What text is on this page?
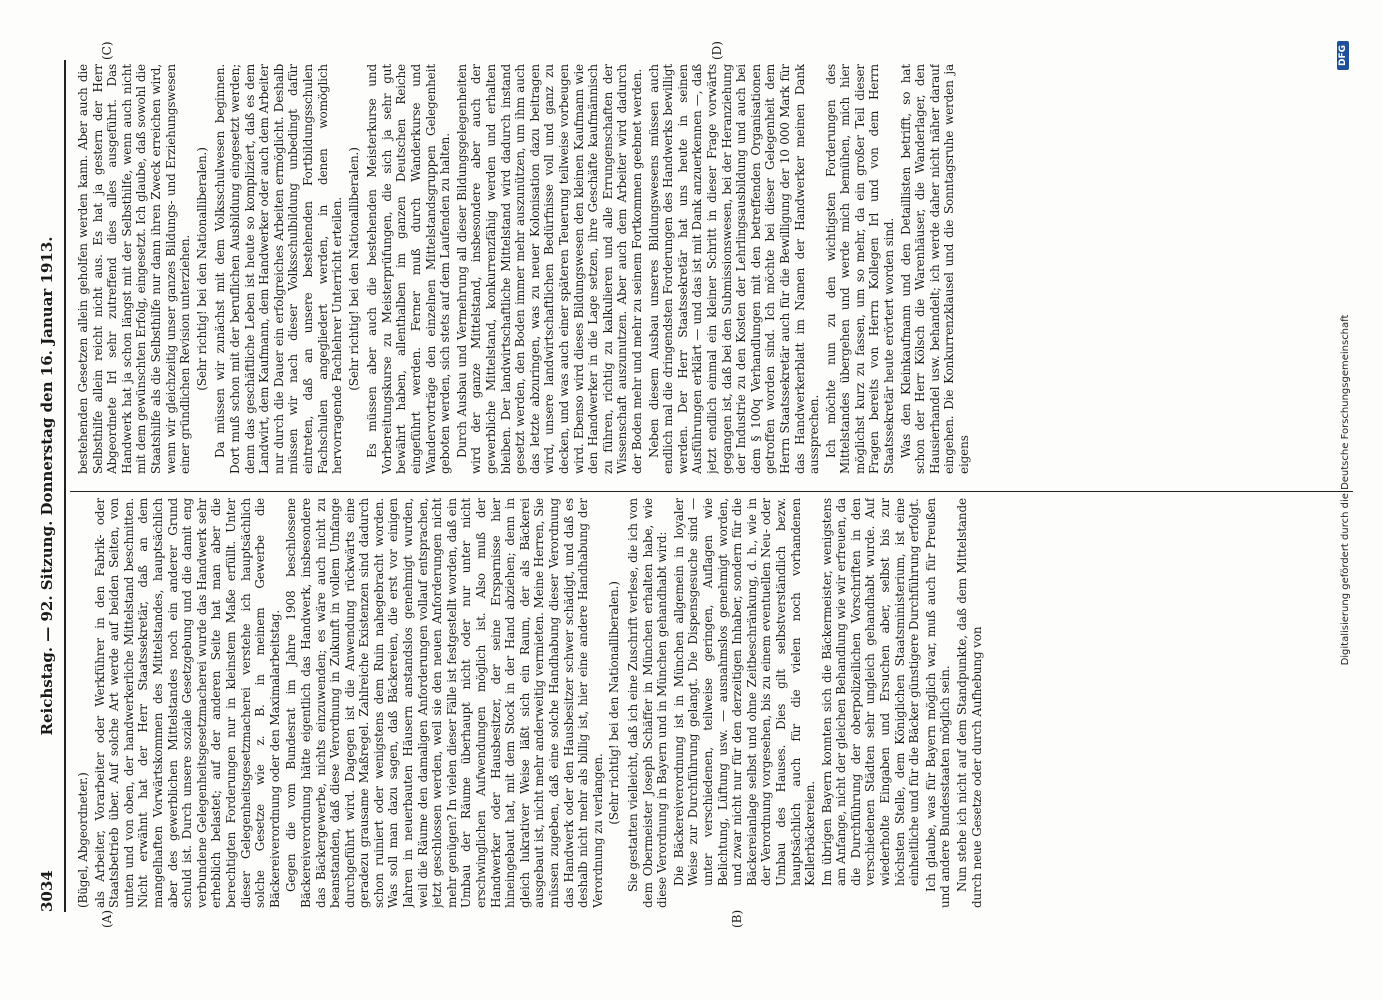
3034
Reichstag. — 92. Sitzung. Donnerstag den 16. Januar 1913.
(A)	(B)
(C)	(D)

(Bügel, Abgeordneter.) als Arbeiter, Vorarbeiter oder Werkführer in den Fabrik- oder Staatsbetrieb über. Auf solche Art werde auf beiden Seiten, von unten und von oben, der handwerkerliche Mittelstand beschnitten. Nicht erwähnt hat der Herr Staatssekretär, daß an dem mangelhaften Vorwärtskommen des Mittelstandes, hauptsächlich aber des gewerblichen Mittelstandes noch ein anderer Grund schuld ist. Durch unsere soziale Gesetzgebung und die damit eng verbundene Gelegenheitsgesetzmacherei wurde das Handwerk sehr erheblich belastet; auf der anderen Seite hat man aber die berechtigten Forderungen nur in kleinstem Maße erfüllt. Unter dieser Gelegenheitsgesetzmacherei verstehe ich hauptsächlich solche Gesetze wie z. B. in meinem Gewerbe die Bäckereiverordnung oder den Maximalarbeitstag. Gegen die vom Bundesrat im Jahre 1908 beschlossene Bäckereiverordnung hätte eigentlich das Handwerk, insbesondere das Bäckergewerbe, nichts einzuwenden; es wäre auch nicht zu beanstanden, daß diese Verordnung in Zukunft in vollem Umfange durchgeführt wird. Dagegen ist die Anwendung rückwärts eine geradezu grausame Maßregel. Zahlreiche Existenzen sind dadurch schon ruiniert oder wenigstens dem Ruin nahegebracht worden. Was soll man dazu sagen, daß Bäckereien, die erst vor einigen Jahren in neuerbauten Häusern anstandslos genehmigt wurden, weil die Räume den damaligen Anforderungen vollauf entsprachen, jetzt geschlossen werden, weil sie den neuen Anforderungen nicht mehr genügen? In vielen dieser Fälle ist festgestellt worden, daß ein Umbau der Räume überhaupt nicht oder nur unter nicht erschwinglichen Aufwendungen möglich ist. Also muß der Handwerker oder Hausbesitzer, der seine Ersparnisse hier hineingebaut hat, mit dem Stock in der Hand abziehen; denn in gleich lukrativer Weise läßt sich ein Raum, der als Bäckerei ausgebaut ist, nicht mehr anderweitig vermieten. Meine Herren, Sie müssen zugeben, daß eine solche Handhabung dieser Verordnung das Handwerk oder den Hausbesitzer schwer schädigt, und daß es deshalb nicht mehr als billig ist, hier eine andere Handhabung der Verordnung zu verlangen.

(Sehr richtig! bei den Nationalliberalen.) Sie gestatten vielleicht, daß ich eine Zuschrift verlese, die ich von dem Obermeister Joseph Schäffer in München erhalten habe, wie diese Verordnung in Bayern und in München gehandhabt wird: Die Bäckereiverordnung ist in München allgemein in loyaler Weise zur Durchführung gelangt. Die Dispensgesuche sind — unter verschiedenen, teilweise geringen, Auflagen wie Belichtung, Lüftung usw. — ausnahmslos genehmigt worden, und zwar nicht nur für den derzeitigen Inhaber, sondern für die Bäckereianlage selbst und ohne Zeitbeschränkung, d. h., wie in der Verordnung vorgesehen, bis zu einem eventuellen Neu- oder Umbau des Hauses. Dies gilt selbstverständlich bezw. hauptsächlich auch für die vielen noch vorhandenen Kellerbäckereien. Im übrigen Bayern konnten sich die Bäckermeister, wenigstens am Anfange, nicht der gleichen Behandlung wie wir erfreuen, da die Durchführung der oberpolizeilichen Vorschriften in den verschiedenen Städten sehr ungleich gehandhabt wurde. Auf wiederholte Eingaben und Ersuchen aber, selbst bis zur höchsten Stelle, dem Königlichen Staatsministerium, ist eine einheitliche und für die Bäcker günstigere Durchführung erfolgt. Ich glaube, was für Bayern möglich war, muß auch für Preußen und andere Bundesstaaten möglich sein. Nun stehe ich nicht auf dem Standpunkte, daß dem Mittelstande durch neue Gesetze oder durch Aufhebung von

bestehenden Gesetzen allein geholfen werden kann. Aber auch die Selbsthilfe allein reicht nicht aus. Es hat ja gestern der Herr Abgeordnete Irl sehr zutreffend dies alles ausgeführt. Das Handwerk hat ja schon längst mit der Selbsthilfe, wenn auch nicht mit dem gewünschten Erfolg, eingesetzt. Ich glaube, daß sowohl die Staatshilfe als die Selbsthilfe nur dann ihren Zweck erreichen wird, wenn wir gleichzeitig unser ganzes Bildungs- und Erziehungswesen einer gründlichen Revision unterziehen. (Sehr richtig! bei den Nationalliberalen.) Da müssen wir zunächst mit dem Volksschulwesen beginnen. Dort muß schon mit der beruflichen Ausbildung eingesetzt werden; denn das geschäftliche Leben ist heute so kompliziert, daß es dem Landwirt, dem Kaufmann, dem Handwerker oder auch dem Arbeiter nur durch die Dauer ein erfolgreiches Arbeiten ermöglicht. Deshalb müssen wir nach dieser Volksschulbildung unbedingt dafür eintreten, daß an unsere bestehenden Fortbildungsschulen Fachschulen angegliedert werden, in denen womöglich hervorragende Fachlehrer Unterricht erteilen. (Sehr richtig! bei den Nationalliberalen.) Es müssen aber auch die bestehenden Meisterkurse und Vorbereitungskurse zu Meisterprüfungen, die sich ja sehr gut bewährt haben, allenthalben im ganzen Deutschen Reiche eingeführt werden. Ferner muß durch Wanderkurse und Wandervorträge den einzelnen Mittelstandsgruppen Gelegenheit geboten werden, sich stets auf dem Laufenden zu halten. Durch Ausbau und Vermehrung all dieser Bildungsgelegenheiten wird der ganze Mittelstand, insbesondere aber auch der gewerbliche Mittelstand, konkurrenzfähig werden und erhalten bleiben. Der landwirtschaftliche Mittelstand wird dadurch instand gesetzt werden, den Boden immer mehr auszunützen, um ihm auch das letzte abzuringen, was zu neuer Kolonisation dazu beitragen wird, unsere landwirtschaftlichen Bedürfnisse voll und ganz zu decken, und was auch einer späteren Teuerung teilweise vorbeugen wird. Ebenso wird dieses Bildungswesen den kleinen Kaufmann wie den Handwerker in die Lage setzen, ihre Geschäfte kaufmännisch zu führen, richtig zu kalkulieren und alle Errungenschaften der Wissenschaft auszunutzen. Aber auch dem Arbeiter wird dadurch der Boden mehr und mehr zu seinem Fortkommen geebnet werden. Neben diesem Ausbau unseres Bildungswesens müssen auch endlich mal die dringendsten Forderungen des Handwerks bewilligt werden. Der Herr Staatssekretär hat uns heute in seinen Ausführungen erklärt — und das ist mit Dank anzuerkennen —, daß jetzt endlich einmal ein kleiner Schritt in dieser Frage vorwärts gegangen ist, daß bei den Submissionswesen, bei der Heranziehung der Industrie zu den Kosten der Lehrlingsausbildung und auch bei dem § 100q Verhandlungen mit den betreffenden Organisationen getroffen worden sind. Ich möchte bei dieser Gelegenheit dem Herrn Staatssekretär auch für die Bewilligung der 10 000 Mark für das Handwerkerblatt im Namen der Handwerker meinen Dank aussprechen. Ich möchte nun zu den wichtigsten Forderungen des Mittelstandes übergehen und werde mich bemühen, mich hier möglichst kurz zu fassen, um so mehr, da ein großer Teil dieser Fragen bereits von Herrn Kollegen Irl und von dem Herrn Staatssekretär heute erörtert worden sind. Was den Kleinkaufmann und den Detaillisten betrifft, so hat schon der Herr Kölsch die Warenhäuser, die Wanderlager, den Hausierhandel usw. behandelt; ich werde daher nicht näher darauf eingehen. Die Konkurrenzklausel und die Sonntagsruhe werden ja eigens	Digitalisierung gefördert durch die Deutsche Forschungsgemeinschaft
DFG
